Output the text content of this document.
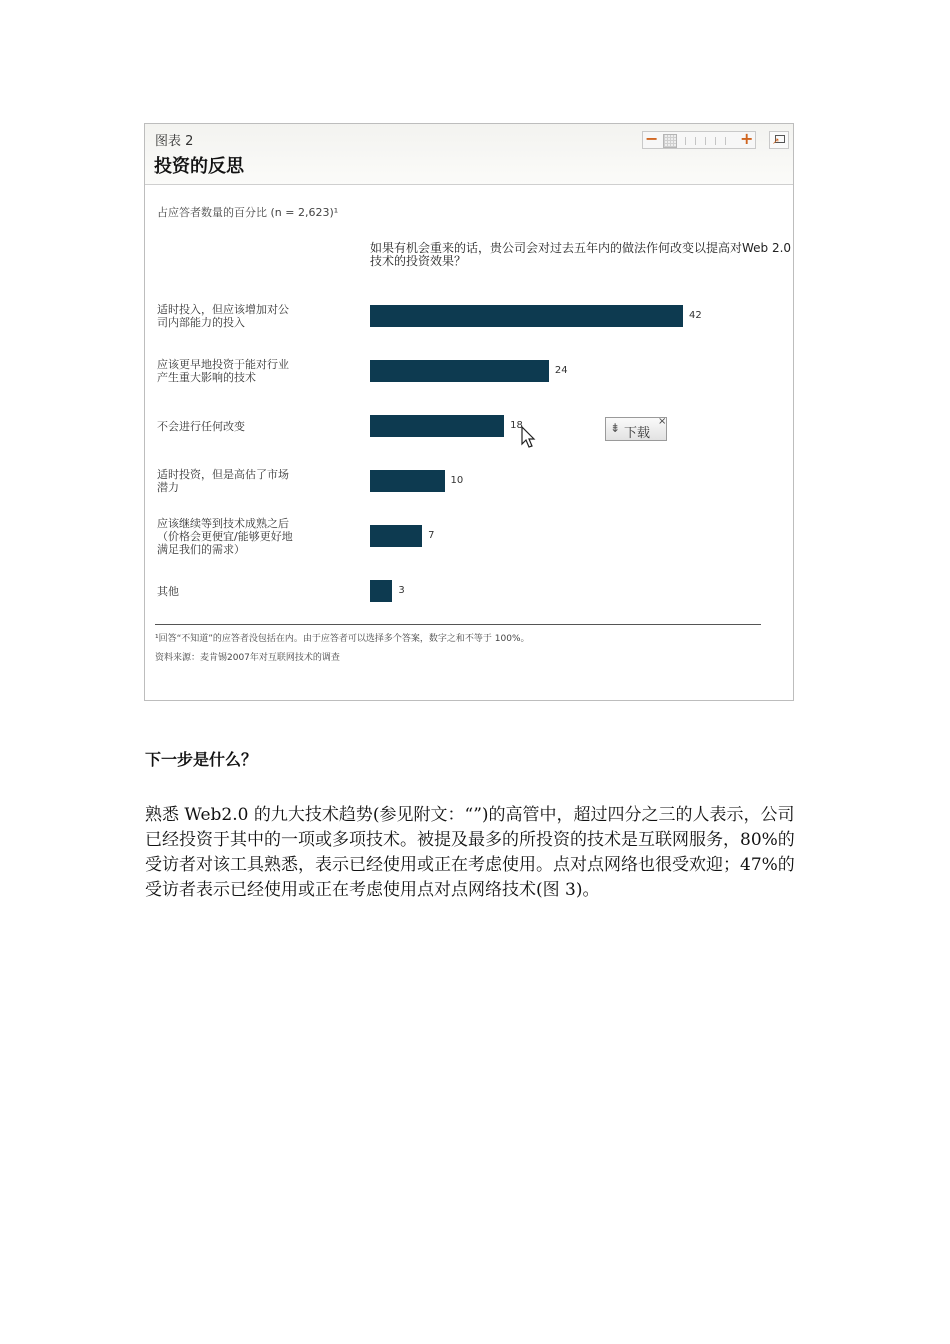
图表 2
投资的反思
−	+ ↗
占应答者数量的百分比 (n = 2,623)¹
如果有机会重来的话，贵公司会对过去五年内的做法作何改变以提高对Web 2.0技术的投资效果？
⇟ 下载
×
¹回答“不知道”的应答者没包括在内。由于应答者可以选择多个答案，数字之和不等于 100%。
资料来源：麦肯锡2007年对互联网技术的调查
适时投入，但应该增加对公
司内部能力的投入
42
应该更早地投资于能对行业
产生重大影响的技术
24
不会进行任何改变	18
适时投资，但是高估了市场
潜力
10
应该继续等到技术成熟之后
（价格会更便宜/能够更好地
满足我们的需求）
7
其他	3
下一步是什么？
熟悉 Web2.0 的九大技术趋势(参见附文：“”)的高管中，超过四分之三的人表示，公司已经投资于其中的一项或多项技术。被提及最多的所投资的技术是互联网服务，80%的受访者对该工具熟悉，表示已经使用或正在考虑使用。点对点网络也很受欢迎；47%的受访者表示已经使用或正在考虑使用点对点网络技术(图 3)。
